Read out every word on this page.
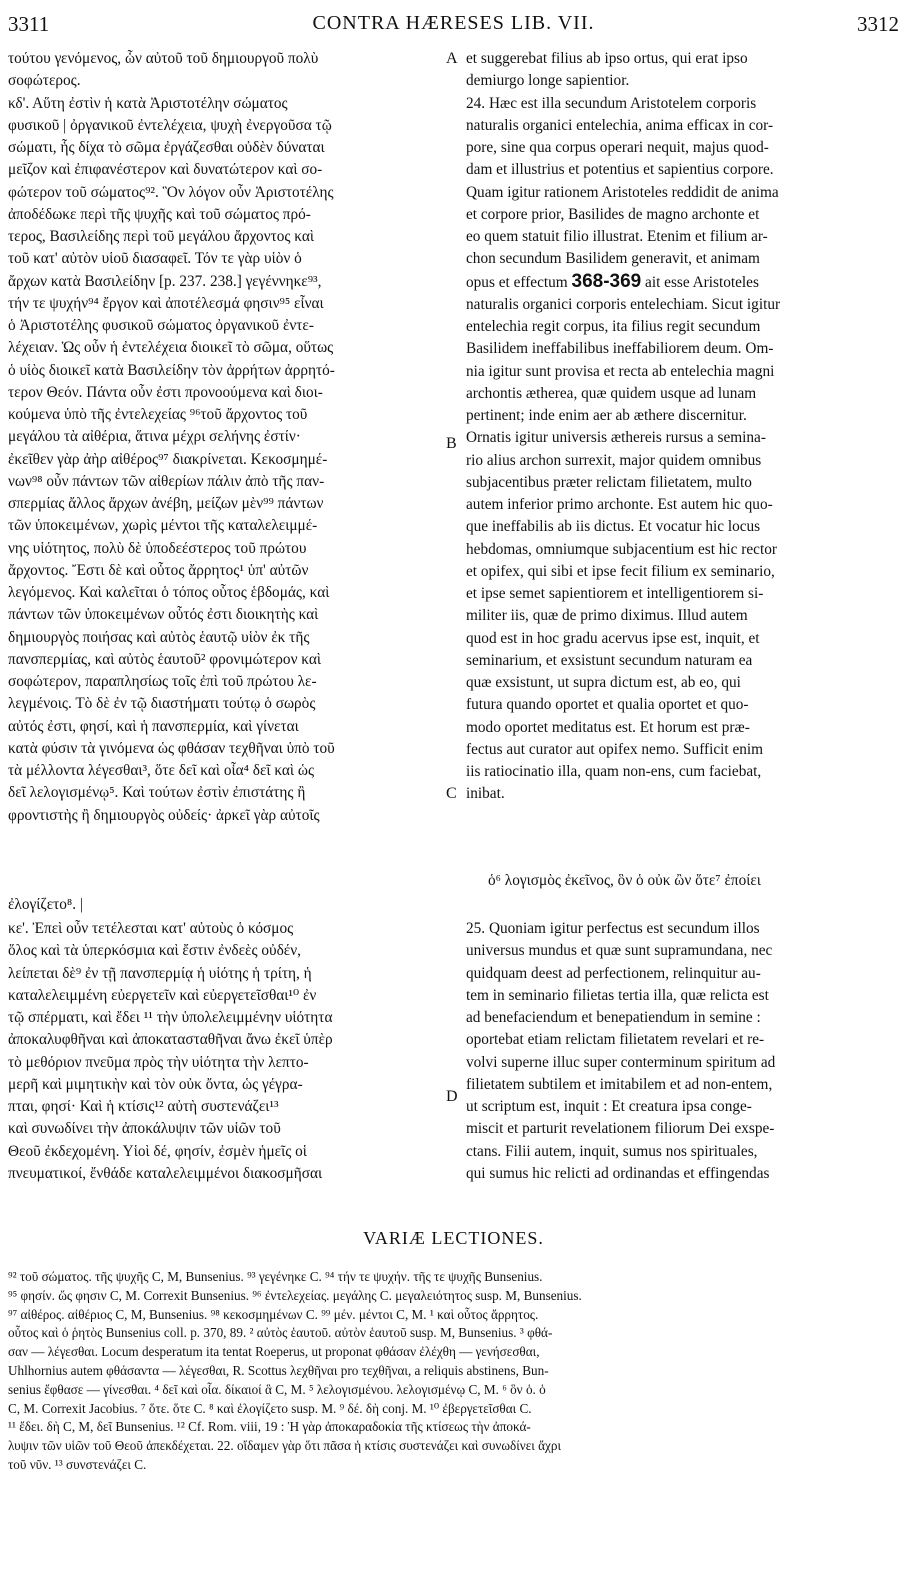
3311	CONTRA HÆRESES LIB. VII.	3312
τούτου γενόμενος, ὧν αὐτοῦ τοῦ δημιουργοῦ πολὺ
σοφώτερος.
κδ'. Αὕτη ἐστὶν ἡ κατὰ Ἀριστοτέλην σώματος
φυσικοῦ | ὀργανικοῦ ἐντελέχεια, ψυχὴ ἐνεργοῦσα τῷ
σώματι, ἧς δίχα τὸ σῶμα ἐργάζεσθαι οὐδὲν δύναται
μεῖζον καὶ ἐπιφανέστερον καὶ δυνατώτερον καὶ σο-
φώτερον τοῦ σώματος⁹². Ὃν λόγον οὖν Ἀριστοτέλης
ἀποδέδωκε περὶ τῆς ψυχῆς καὶ τοῦ σώματος πρό-
τερος, Βασιλείδης περὶ τοῦ μεγάλου ἄρχοντος καὶ
τοῦ κατ' αὐτὸν υἱοῦ διασαφεῖ. Τόν τε γὰρ υἱὸν ὁ
ἄρχων κατὰ Βασιλείδην [p. 237. 238.] γεγέννηκε⁹³,
τήν τε ψυχήν⁹⁴ ἔργον καὶ ἀποτέλεσμά φησιν⁹⁵ εἶναι
ὁ Ἀριστοτέλης φυσικοῦ σώματος ὀργανικοῦ ἐντε-
λέχειαν. Ὡς οὖν ἡ ἐντελέχεια διοικεῖ τὸ σῶμα, οὕτως
ὁ υἱὸς διοικεῖ κατὰ Βασιλείδην τὸν ἀρρήτων ἀρρητό-
τερον Θεόν. Πάντα οὖν ἐστι προνοούμενα καὶ διοι-
κούμενα ὑπὸ τῆς ἐντελεχείας ⁹⁶τοῦ ἄρχοντος τοῦ
μεγάλου τὰ αἰθέρια, ἅτινα μέχρι σελήνης ἐστίν·
ἐκεῖθεν γὰρ ἀὴρ αἰθέρος⁹⁷ διακρίνεται. Κεκοσμημέ-
νων⁹⁸ οὖν πάντων τῶν αἰθερίων πάλιν ἀπὸ τῆς παν-
σπερμίας ἄλλος ἄρχων ἀνέβη, μείζων μὲν⁹⁹ πάντων
τῶν ὑποκειμένων, χωρὶς μέντοι τῆς καταλελειμμέ-
νης υἱότητος, πολὺ δὲ ὑποδεέστερος τοῦ πρώτου
ἄρχοντος. Ἔστι δὲ καὶ οὗτος ἄρρητος¹ ὑπ' αὐτῶν
λεγόμενος. Καὶ καλεῖται ὁ τόπος οὗτος ἑβδομάς, καὶ
πάντων τῶν ὑποκειμένων οὗτός ἐστι διοικητὴς καὶ
δημιουργὸς ποιήσας καὶ αὐτὸς ἑαυτῷ υἱὸν ἐκ τῆς
πανσπερμίας, καὶ αὐτὸς ἑαυτοῦ² φρονιμώτερον καὶ
σοφώτερον, παραπλησίως τοῖς ἐπὶ τοῦ πρώτου λε-
λεγμένοις. Τὸ δὲ ἐν τῷ διαστήματι τούτῳ ὁ σωρὸς
αὐτός ἐστι, φησί, καὶ ἡ πανσπερμία, καὶ γίνεται
κατὰ φύσιν τὰ γινόμενα ὡς φθάσαν τεχθῆναι ὑπὸ τοῦ
τὰ μέλλοντα λέγεσθαι³, ὅτε δεῖ καὶ οἷα⁴ δεῖ καὶ ὡς
δεῖ λελογισμένῳ⁵. Καὶ τούτων ἐστὶν ἐπιστάτης ἢ
φροντιστὴς ἢ δημιουργὸς οὐδείς· ἀρκεῖ γὰρ αὐτοῖς
et suggerebat filius ab ipso ortus, qui erat ipso
demiurgo longe sapientior.
24. Hæc est illa secundum Aristotelem corporis
naturalis organici entelechia, anima efficax in cor-
pore, sine qua corpus operari nequit, majus quod-
dam et illustrius et potentius et sapientius corpore.
Quam igitur rationem Aristoteles reddidit de anima
et corpore prior, Basilides de magno archonte et
eo quem statuit filio illustrat. Etenim et filium ar-
chon secundum Basilidem generavit, et animam
opus et effectum 368-369 ait esse Aristoteles
naturalis organici corporis entelechiam. Sicut igitur
entelechia regit corpus, ita filius regit secundum
Basilidem ineffabilibus ineffabiliorem deum. Om-
nia igitur sunt provisa et recta ab entelechia magni
archontis ætherea, quæ quidem usque ad lunam
pertinent; inde enim aer ab æthere discernitur.
Ornatis igitur universis æthereis rursus a semina-
rio alius archon surrexit, major quidem omnibus
subjacentibus præter relictam filietatem, multo
autem inferior primo archonte. Est autem hic quo-
que ineffabilis ab iis dictus. Et vocatur hic locus
hebdomas, omniumque subjacentium est hic rector
et opifex, qui sibi et ipse fecit filium ex seminario,
et ipse semet sapientiorem et intelligentiorem si-
militer iis, quæ de primo diximus. Illud autem
quod est in hoc gradu acervus ipse est, inquit, et
seminarium, et exsistunt secundum naturam ea
quæ exsistunt, ut supra dictum est, ab eo, qui
futura quando oportet et qualia oportet et quo-
modo oportet meditatus est. Et horum est præ-
fectus aut curator aut opifex nemo. Sufficit enim
iis ratiocinatio illa, quam non-ens, cum faciebat,
inibat.
A
B
C
D
ὁ⁶ λογισμὸς ἐκεῖνος, ὃν ὁ οὐκ ὢν ὅτε⁷ ἐποίει
ἐλογίζετο⁸. |
κε'. Ἐπεὶ οὖν τετέλεσται κατ' αὐτοὺς ὁ κόσμος
ὅλος καὶ τὰ ὑπερκόσμια καὶ ἔστιν ἐνδεὲς οὐδέν,
λείπεται δὲ⁹ ἐν τῇ πανσπερμίᾳ ἡ υἱότης ἡ τρίτη, ἡ
καταλελειμμένη εὐεργετεῖν καὶ εὐεργετεῖσθαι¹⁰ ἐν
τῷ σπέρματι, καὶ ἔδει ¹¹ τὴν ὑπολελειμμένην υἱότητα
ἀποκαλυφθῆναι καὶ ἀποκατασταθῆναι ἄνω ἐκεῖ ὑπὲρ
τὸ μεθόριον πνεῦμα πρὸς τὴν υἱότητα τὴν λεπτο-
μερῆ καὶ μιμητικὴν καὶ τὸν οὐκ ὄντα, ὡς γέγρα-
πται, φησί· Καὶ ἡ κτίσις¹² αὐτὴ συστενάζει¹³
καὶ συνωδίνει τὴν ἀποκάλυψιν τῶν υἱῶν τοῦ
Θεοῦ ἐκδεχομένη. Υἱοὶ δέ, φησίν, ἐσμὲν ἡμεῖς οἱ
πνευματικοί, ἔνθάδε καταλελειμμένοι διακοσμῆσαι
25. Quoniam igitur perfectus est secundum illos
universus mundus et quæ sunt supramundana, nec
quidquam deest ad perfectionem, relinquitur au-
tem in seminario filietas tertia illa, quæ relicta est
ad benefaciendum et benepatiendum in semine :
oportebat etiam relictam filietatem revelari et re-
volvi superne illuc super conterminum spiritum ad
filietatem subtilem et imitabilem et ad non-entem,
ut scriptum est, inquit : Et creatura ipsa conge-
miscit et parturit revelationem filiorum Dei exspe-
ctans. Filii autem, inquit, sumus nos spirituales,
qui sumus hic relicti ad ordinandas et effingendas
VARIÆ LECTIONES.
⁹² τοῦ σώματος. τῆς ψυχῆς C, M, Bunsenius. ⁹³ γεγένηκε C. ⁹⁴ τήν τε ψυχήν. τῆς τε ψυχῆς Bunsenius.
⁹⁵ φησίν. ὥς φησιν C, M. Correxit Bunsenius. ⁹⁶ ἐντελεχείας. μεγάλης C. μεγαλειότητος susp. M, Bunsenius.
⁹⁷ αἰθέρος. αἰθέριος C, M, Bunsenius. ⁹⁸ κεκοσμημένων C. ⁹⁹ μέν. μέντοι C, M. ¹ καὶ οὗτος ἄρρητος.
οὗτος καὶ ὁ ῥητὸς Bunsenius coll. p. 370, 89. ² αὐτὸς ἑαυτοῦ. αὐτὸν ἑαυτοῦ susp. M, Bunsenius. ³ φθά-
σαν — λέγεσθαι. Locum desperatum ita tentat Roeperus, ut proponat φθάσαν ἐλέχθη — γενήσεσθαι,
Uhlhornius autem φθάσαντα — λέγεσθαι, R. Scottus λεχθῆναι pro τεχθῆναι, a reliquis abstinens, Bun-
senius ἔφθασε — γίνεσθαι. ⁴ δεῖ καὶ οἷα. δίκαιοί ἃ C, M. ⁵ λελογισμένου. λελογισμένῳ C, M. ⁶ ὃν ὁ. ὁ
C, M. Correxit Jacobius. ⁷ ὅτε. ὅτε C. ⁸ καὶ ἐλογίζετο susp. M. ⁹ δέ. δὴ conj. M. ¹⁰ ἐβεργετεῖσθαι C.
¹¹ ἔδει. δὴ C, M, δεῖ Bunsenius. ¹² Cf. Rom. viii, 19 : Ἡ γὰρ ἀποκαραδοκία τῆς κτίσεως τὴν ἀποκά-
λυψιν τῶν υἱῶν τοῦ Θεοῦ ἀπεκδέχεται. 22. οἴδαμεν γὰρ ὅτι πᾶσα ἡ κτίσις συστενάζει καὶ συνωδίνει ἄχρι
τοῦ νῦν. ¹³ συνστενάζει C.
